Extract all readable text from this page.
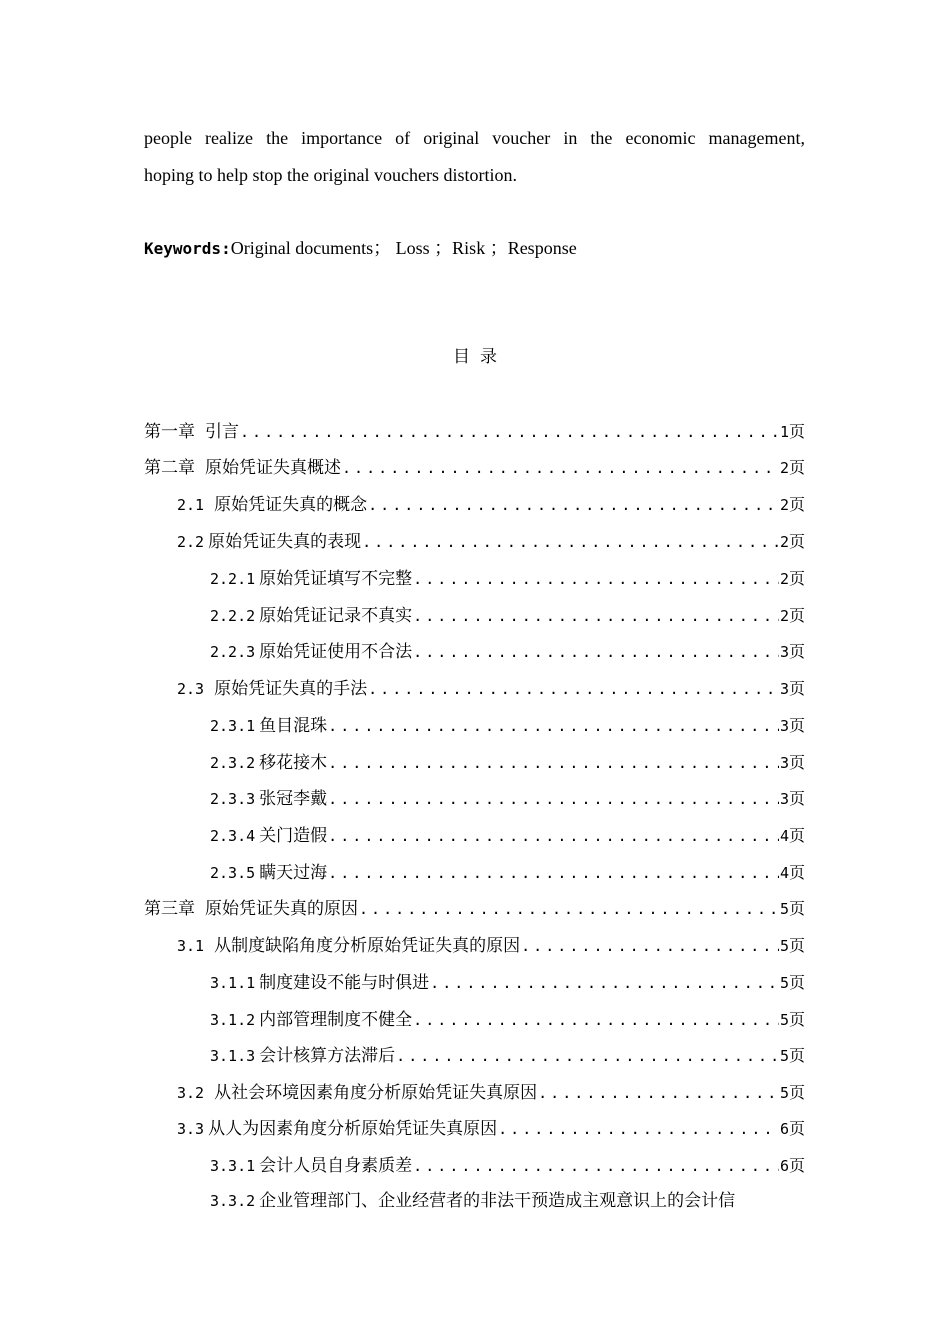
people realize the importance of original voucher in the economic management,
hoping to help stop the original vouchers distortion.
Keywords:Original documents； Loss ；Risk ；Response
目录
第一章 引言 . . .	1 页
第二章 原始凭证失真概述 . . .	2 页
2.1 原始凭证失真的概念 . . .	2 页
2.2 原始凭证失真的表现 . . .	2 页
2.2.1 原始凭证填写不完整 . . .	2 页
2.2.2 原始凭证记录不真实 . . .	2 页
2.2.3 原始凭证使用不合法 . . .	3 页
2.3 原始凭证失真的手法 . . .	3 页
2.3.1 鱼目混珠 . . .	3 页
2.3.2 移花接木 . . .	3 页
2.3.3 张冠李戴 . . .	3 页
2.3.4 关门造假 . . .	4 页
2.3.5 瞒天过海 . . .	4 页
第三章 原始凭证失真的原因 . . .	5 页
3.1 从制度缺陷角度分析原始凭证失真的原因 . . .	5 页
3.1.1 制度建设不能与时俱进 . . .	5 页
3.1.2 内部管理制度不健全 . . .	5 页
3.1.3 会计核算方法滞后 . . .	5 页
3.2 从社会环境因素角度分析原始凭证失真原因 . . .	5 页
3.3 从人为因素角度分析原始凭证失真原因 . . .	6 页
3.3.1 会计人员自身素质差 . . .	6 页
3.3.2 企业管理部门、企业经营者的非法干预造成主观意识上的会计信
